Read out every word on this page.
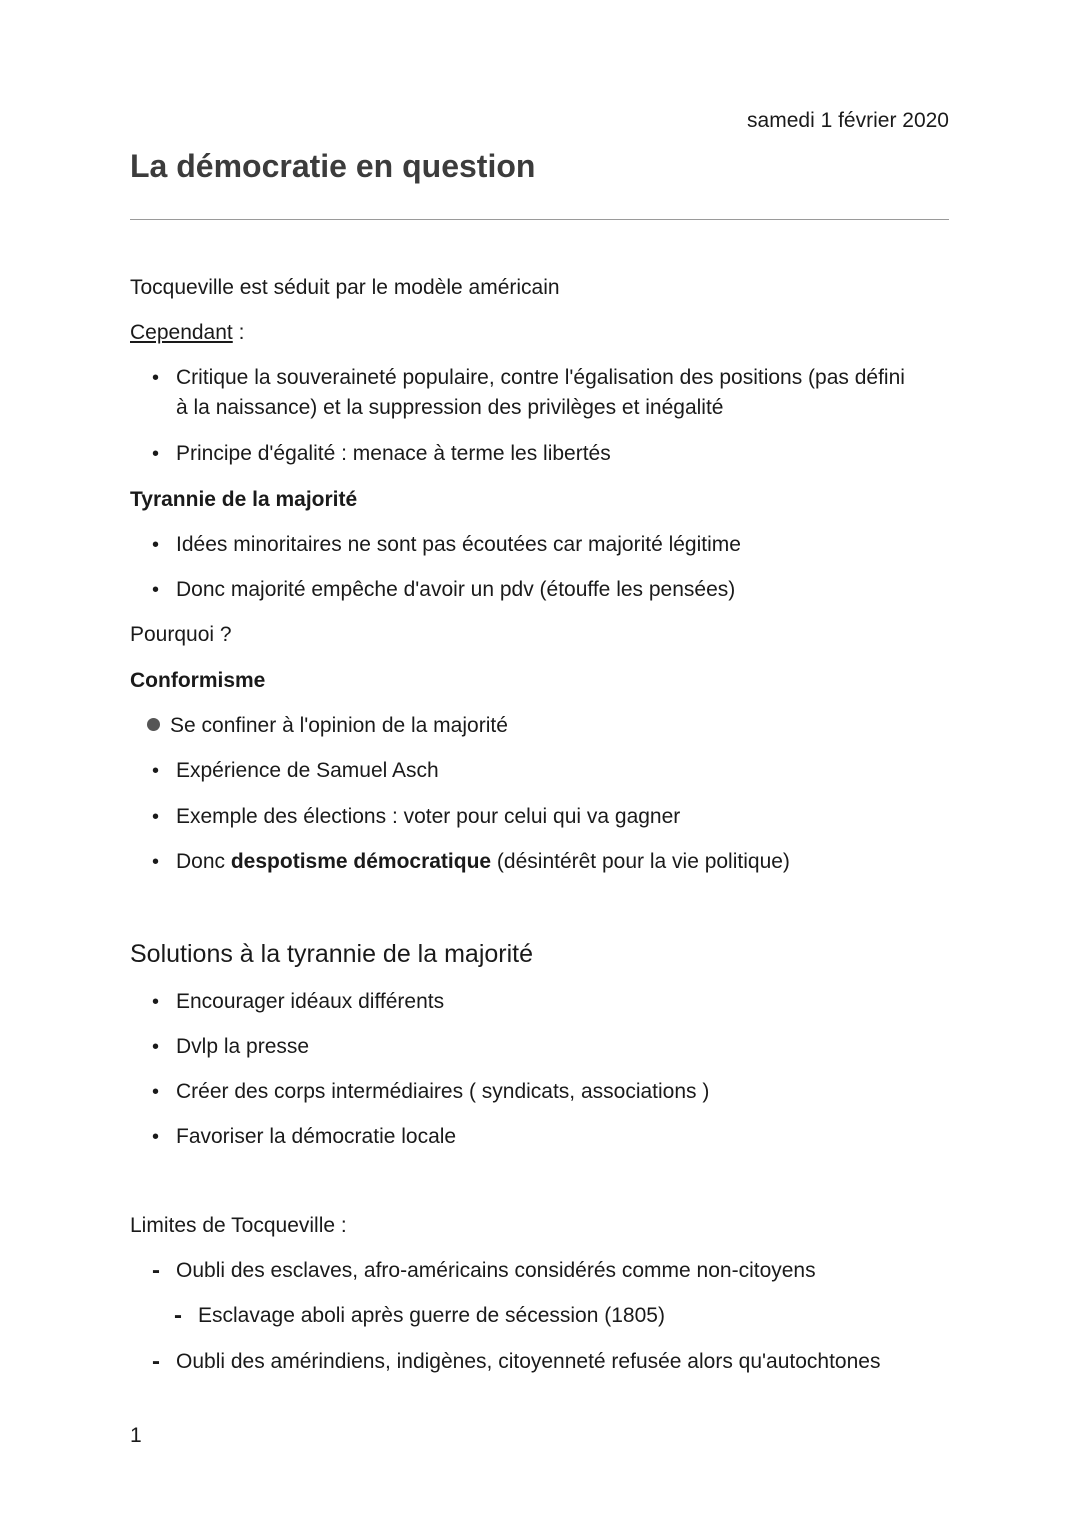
samedi 1 février 2020
La démocratie en question
Tocqueville est séduit par le modèle américain
Cependant :
• Critique la souveraineté populaire, contre l'égalisation des positions (pas défini
à la naissance) et la suppression des privilèges et inégalité
• Principe d'égalité : menace à terme les libertés
Tyrannie de la majorité
• Idées minoritaires ne sont pas écoutées car majorité légitime
• Donc majorité empêche d'avoir un pdv (étouffe les pensées)
Pourquoi ?
Conformisme
Se confiner à l'opinion de la majorité
• Expérience de Samuel Asch
• Exemple des élections : voter pour celui qui va gagner
• Donc despotisme démocratique (désintérêt pour la vie politique)
Solutions à la tyrannie de la majorité
• Encourager idéaux différents
• Dvlp la presse
• Créer des corps intermédiaires ( syndicats, associations )
• Favoriser la démocratie locale
Limites de Tocqueville :
- Oubli des esclaves, afro-américains considérés comme non-citoyens
- Esclavage aboli après guerre de sécession (1805)
- Oubli des amérindiens, indigènes, citoyenneté refusée alors qu'autochtones
1
